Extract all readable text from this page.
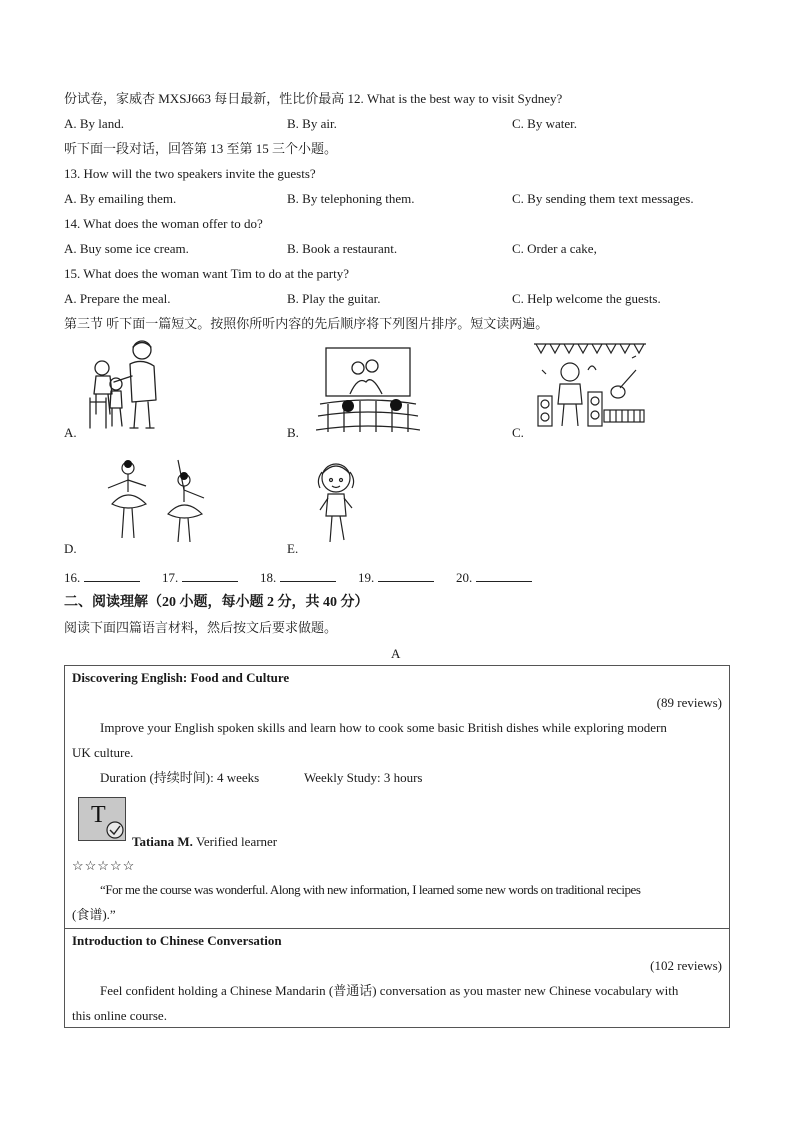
份试卷，家威杏 MXSJ663 每日最新，性比价最高 12. What is the best way to visit Sydney?
A. By land.	B. By air.	C. By water.
听下面一段对话，回答第 13 至第 15 三个小题。
13. How will the two speakers invite the guests?
A. By emailing them.	B. By telephoning them.	C. By sending them text messages.
14. What does the woman offer to do?
A. Buy some ice cream.	B. Book a restaurant.	C. Order a cake,
15. What does the woman want Tim to do at the party?
A. Prepare the meal.	B. Play the guitar.	C. Help welcome the guests.
第三节 听下面一篇短文。按照你所听内容的先后顺序将下列图片排序。短文读两遍。
A.	B.	C.
D.	E.
16.	17.	18.	19.	20.
二、阅读理解（20 小题，每小题 2 分，共 40 分）
阅读下面四篇语言材料，然后按文后要求做题。
A
Discovering English: Food and Culture
(89 reviews)
Improve your English spoken skills and learn how to cook some basic British dishes while exploring modern
UK culture.
Duration (持续时间): 4 weeks	Weekly Study: 3 hours
T
Tatiana M. Verified learner
☆☆☆☆☆
“For me the course was wonderful. Along with new information, I learned some new words on traditional recipes
(食谱).”
Introduction to Chinese Conversation
(102 reviews)
Feel confident holding a Chinese Mandarin (普通话) conversation as you master new Chinese vocabulary with
this online course.
